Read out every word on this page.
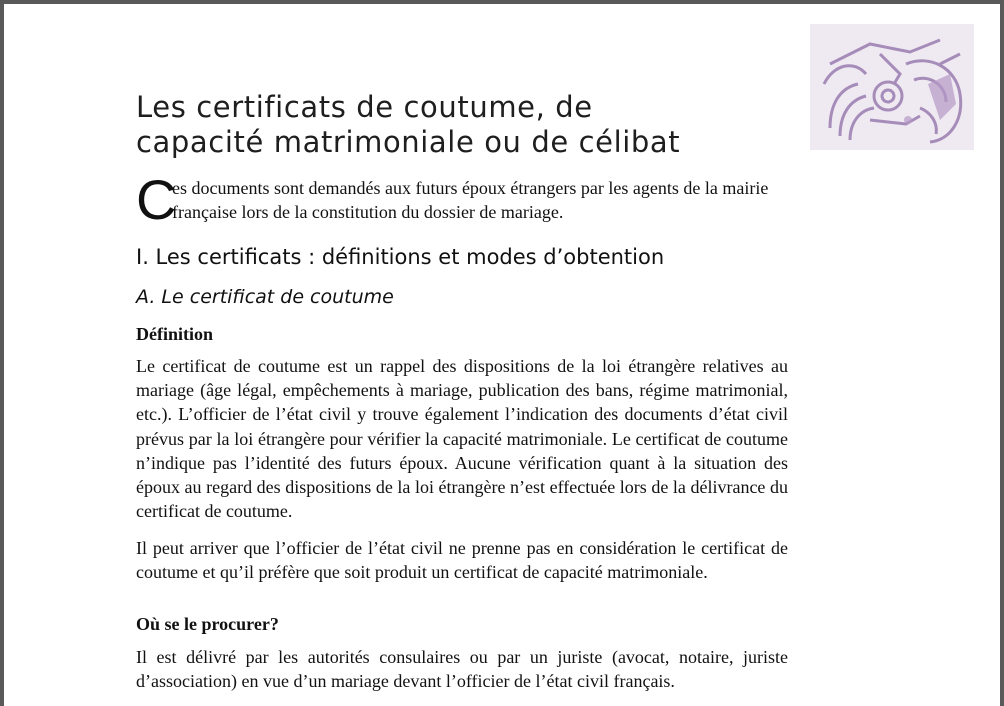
Les certificats de coutume, de
capacité matrimoniale ou de célibat
C

es documents sont demandés aux futurs époux étrangers par les agents de la mairie française lors de la constitution du dossier de mariage.

I. Les certificats : définitions et modes d’obtention
A. Le certificat de coutume
Définition

Le certificat de coutume est un rappel des dispositions de la loi étrangère relatives au mariage (âge légal, empêchements à mariage, publication des bans, régime matrimonial, etc.). L’officier de l’état civil y trouve également l’indication des documents d’état civil prévus par la loi étrangère pour vérifier la capacité matrimoniale. Le certificat de coutume n’indique pas l’identité des futurs époux. Aucune vérification quant à la situation des époux au regard des dispositions de la loi étrangère n’est effectuée lors de la délivrance du certificat de coutume.

Il peut arriver que l’officier de l’état civil ne prenne pas en considération le certificat de coutume et qu’il préfère que soit produit un certificat de capacité matrimoniale.

Où se le procurer?

Il est délivré par les autorités consulaires ou par un juriste (avocat, notaire, juriste d’association) en vue d’un mariage devant l’officier de l’état civil français.
